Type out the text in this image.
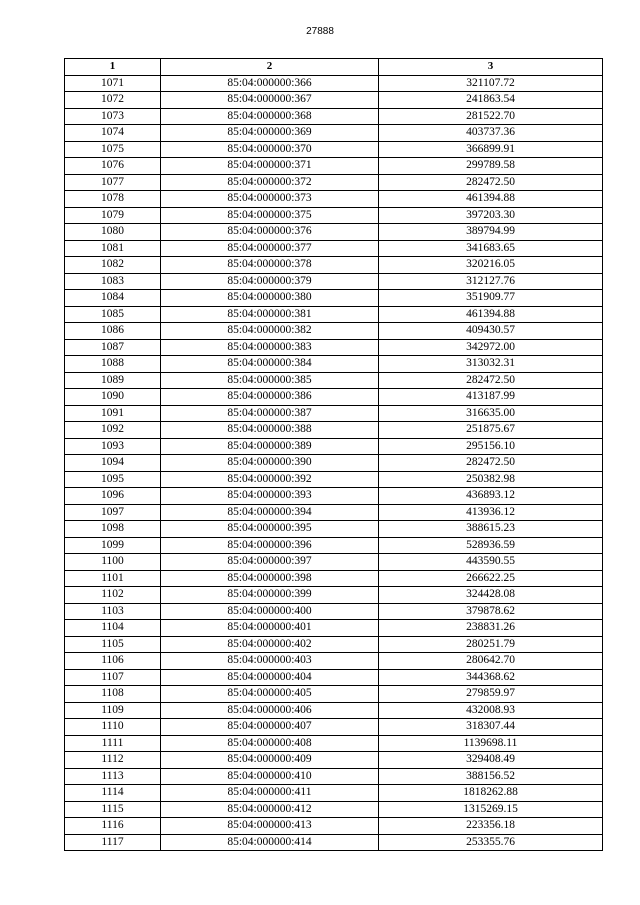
27888
1	2	3
1071	85:04:000000:366	321107.72
1072	85:04:000000:367	241863.54
1073	85:04:000000:368	281522.70
1074	85:04:000000:369	403737.36
1075	85:04:000000:370	366899.91
1076	85:04:000000:371	299789.58
1077	85:04:000000:372	282472.50
1078	85:04:000000:373	461394.88
1079	85:04:000000:375	397203.30
1080	85:04:000000:376	389794.99
1081	85:04:000000:377	341683.65
1082	85:04:000000:378	320216.05
1083	85:04:000000:379	312127.76
1084	85:04:000000:380	351909.77
1085	85:04:000000:381	461394.88
1086	85:04:000000:382	409430.57
1087	85:04:000000:383	342972.00
1088	85:04:000000:384	313032.31
1089	85:04:000000:385	282472.50
1090	85:04:000000:386	413187.99
1091	85:04:000000:387	316635.00
1092	85:04:000000:388	251875.67
1093	85:04:000000:389	295156.10
1094	85:04:000000:390	282472.50
1095	85:04:000000:392	250382.98
1096	85:04:000000:393	436893.12
1097	85:04:000000:394	413936.12
1098	85:04:000000:395	388615.23
1099	85:04:000000:396	528936.59
1100	85:04:000000:397	443590.55
1101	85:04:000000:398	266622.25
1102	85:04:000000:399	324428.08
1103	85:04:000000:400	379878.62
1104	85:04:000000:401	238831.26
1105	85:04:000000:402	280251.79
1106	85:04:000000:403	280642.70
1107	85:04:000000:404	344368.62
1108	85:04:000000:405	279859.97
1109	85:04:000000:406	432008.93
1110	85:04:000000:407	318307.44
1111	85:04:000000:408	1139698.11
1112	85:04:000000:409	329408.49
1113	85:04:000000:410	388156.52
1114	85:04:000000:411	1818262.88
1115	85:04:000000:412	1315269.15
1116	85:04:000000:413	223356.18
1117	85:04:000000:414	253355.76
